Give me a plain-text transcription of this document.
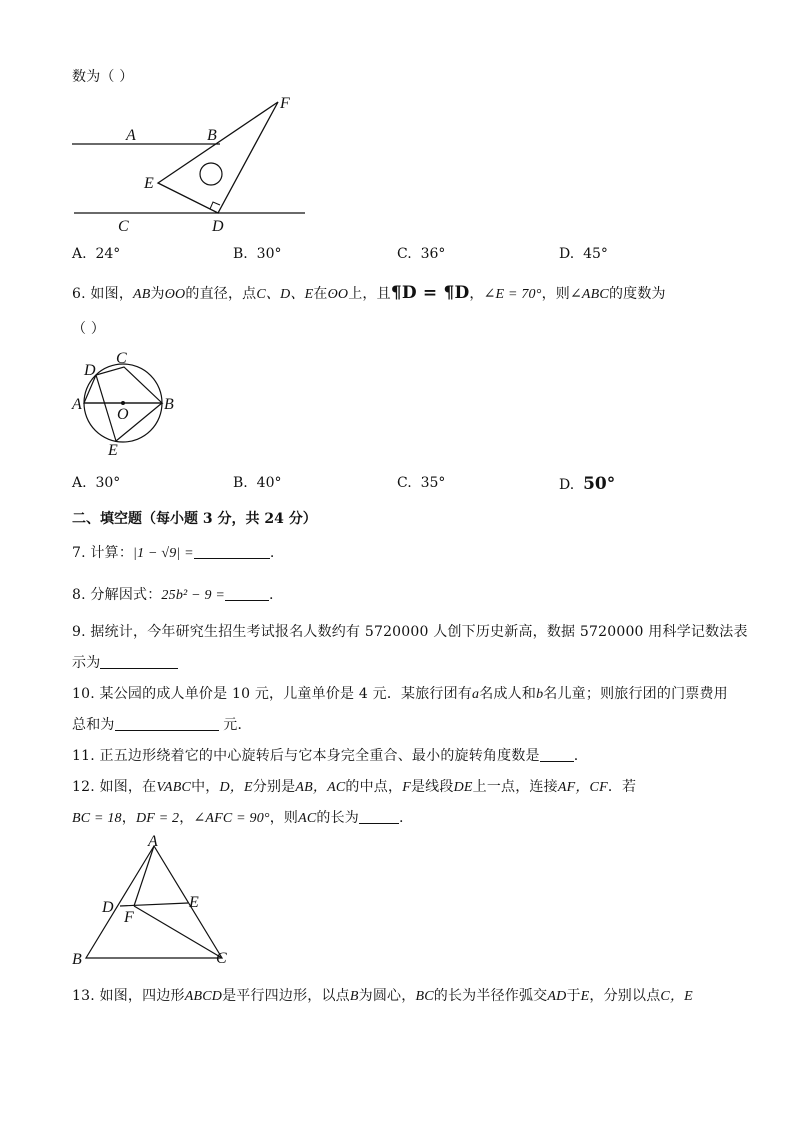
数为（ ）
A	B
F
E
C	D
A. 24°	B. 30°	C. 36°	D. 45°
6. 如图，AB为ʘO的直径，点C、D、E在ʘO上，且¶D = ¶D，∠E = 70°，则∠ABC的度数为
（ ）
A	B
C
D
E
O
A. 30°	B. 40°	C. 35°	D. 50°
二、填空题（每小题 3 分，共 24 分）
7. 计算：|1 − √9| =	.
8. 分解因式：25b² − 9 =	.
9. 据统计，今年研究生招生考试报名人数约有 5720000 人创下历史新高，数据 5720000 用科学记数法表
示为
10. 某公园的成人单价是 10 元，儿童单价是 4 元．某旅行团有a名成人和b名儿童；则旅行团的门票费用
总和为	元．
11. 正五边形绕着它的中心旋转后与它本身完全重合、最小的旋转角度数是 .
12. 如图，在VABC中，D，E分别是AB，AC的中点，F是线段DE上一点，连接AF，CF．若
BC = 18，DF = 2，∠AFC = 90°，则AC的长为	.
A
B	C
D	E
F
13. 如图，四边形ABCD是平行四边形，以点B为圆心，BC的长为半径作弧交AD于E，分别以点C，E
